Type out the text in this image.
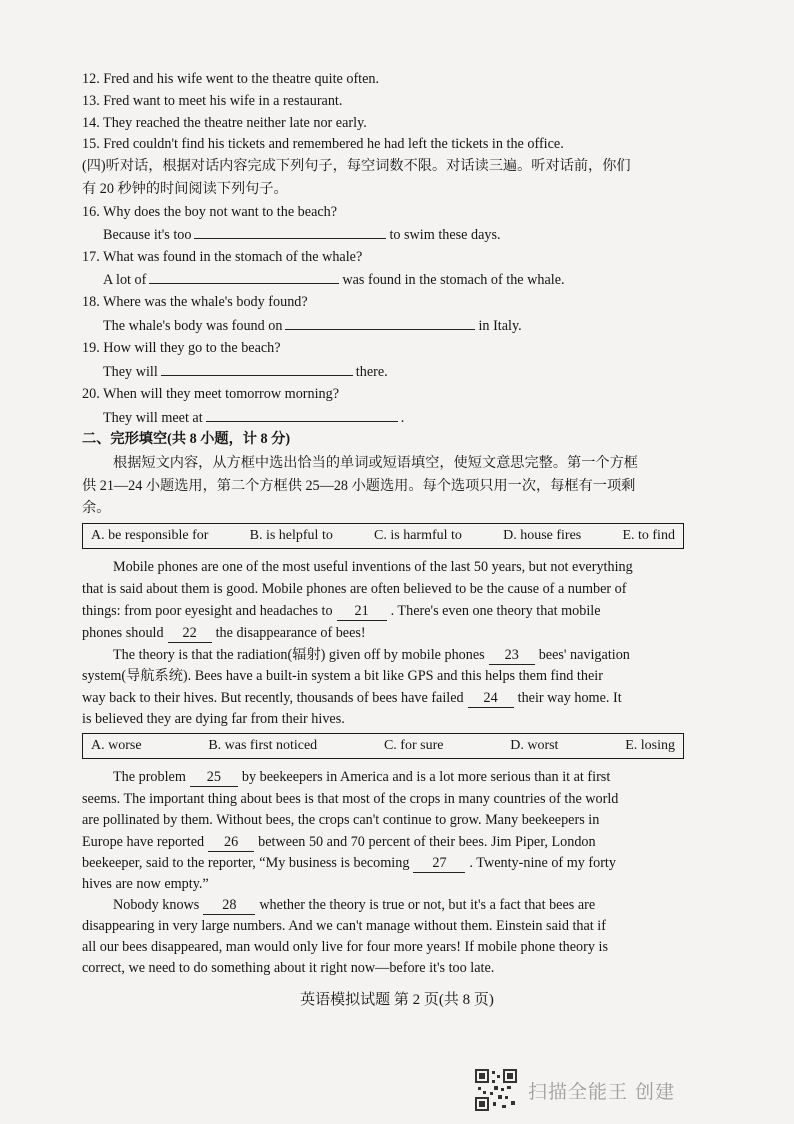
12. Fred and his wife went to the theatre quite often.
13. Fred want to meet his wife in a restaurant.
14. They reached the theatre neither late nor early.
15. Fred couldn't find his tickets and remembered he had left the tickets in the office.
(四)听对话，根据对话内容完成下列句子，每空词数不限。对话读三遍。听对话前，你们
有 20 秒钟的时间阅读下列句子。
16. Why does the boy not want to the beach?
Because it's too	to swim these days.
17. What was found in the stomach of the whale?
A lot of	was found in the stomach of the whale.
18. Where was the whale's body found?
The whale's body was found on	in Italy.
19. How will they go to the beach?
They will	there.
20. When will they meet tomorrow morning?
They will meet at	.
二、完形填空(共 8 小题，计 8 分)
根据短文内容，从方框中选出恰当的单词或短语填空，使短文意思完整。第一个方框
供 21—24 小题选用，第二个方框供 25—28 小题选用。每个选项只用一次，每框有一项剩
余。
A. be responsible for	B. is helpful to	C. is harmful to	D. house fires	E. to find
Mobile phones are one of the most useful inventions of the last 50 years, but not everything
that is said about them is good. Mobile phones are often believed to be the cause of a number of
things: from poor eyesight and headaches to 21 . There's even one theory that mobile
phones should 22 the disappearance of bees!
The theory is that the radiation(辐射) given off by mobile phones 23 bees' navigation
system(导航系统). Bees have a built-in system a bit like GPS and this helps them find their
way back to their hives. But recently, thousands of bees have failed 24 their way home. It
is believed they are dying far from their hives.
A. worse	B. was first noticed	C. for sure	D. worst	E. losing
The problem 25 by beekeepers in America and is a lot more serious than it at first
seems. The important thing about bees is that most of the crops in many countries of the world
are pollinated by them. Without bees, the crops can't continue to grow. Many beekeepers in
Europe have reported 26 between 50 and 70 percent of their bees. Jim Piper, London
beekeeper, said to the reporter, “My business is becoming 27 . Twenty-nine of my forty
hives are now empty.”
Nobody knows 28 whether the theory is true or not, but it's a fact that bees are
disappearing in very large numbers. And we can't manage without them. Einstein said that if
all our bees disappeared, man would only live for four more years! If mobile phone theory is
correct, we need to do something about it right now—before it's too late.
英语模拟试题 第 2 页(共 8 页)
扫描全能王 创建
